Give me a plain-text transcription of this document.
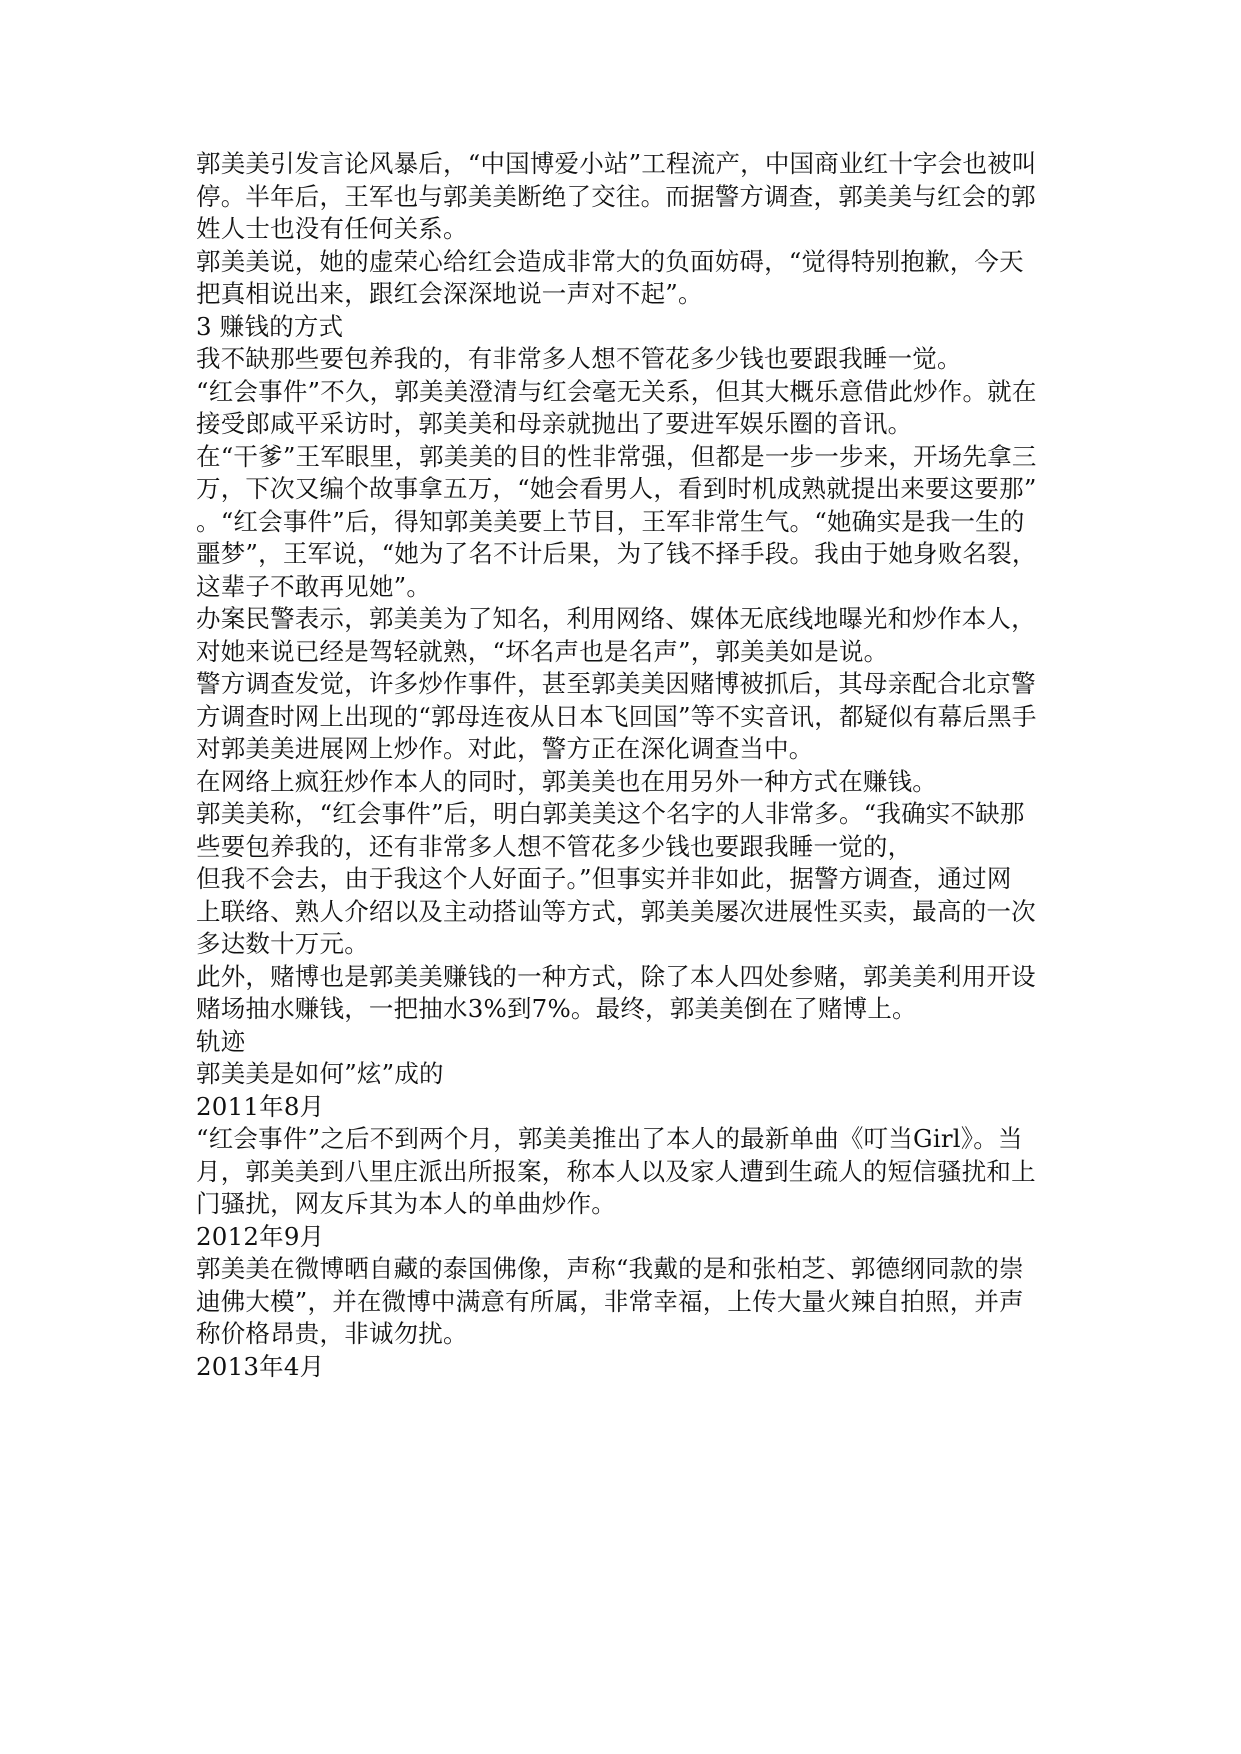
郭美美引发言论风暴后，“中国博爱小站”工程流产，中国商业红十字会也被叫
停。半年后，王军也与郭美美断绝了交往。而据警方调查，郭美美与红会的郭
姓人士也没有任何关系。
郭美美说，她的虚荣心给红会造成非常大的负面妨碍，“觉得特别抱歉，今天
把真相说出来，跟红会深深地说一声对不起”。
3 赚钱的方式
我不缺那些要包养我的，有非常多人想不管花多少钱也要跟我睡一觉。
“红会事件”不久，郭美美澄清与红会毫无关系，但其大概乐意借此炒作。就在
接受郎咸平采访时，郭美美和母亲就抛出了要进军娱乐圈的音讯。
在“干爹”王军眼里，郭美美的目的性非常强，但都是一步一步来，开场先拿三
万，下次又编个故事拿五万，“她会看男人，看到时机成熟就提出来要这要那”
。“红会事件”后，得知郭美美要上节目，王军非常生气。“她确实是我一生的
噩梦”，王军说，“她为了名不计后果，为了钱不择手段。我由于她身败名裂，
这辈子不敢再见她”。
办案民警表示，郭美美为了知名，利用网络、媒体无底线地曝光和炒作本人，
对她来说已经是驾轻就熟，“坏名声也是名声”，郭美美如是说。
警方调查发觉，许多炒作事件，甚至郭美美因赌博被抓后，其母亲配合北京警
方调查时网上出现的“郭母连夜从日本飞回国”等不实音讯，都疑似有幕后黑手
对郭美美进展网上炒作。对此，警方正在深化调查当中。
在网络上疯狂炒作本人的同时，郭美美也在用另外一种方式在赚钱。
郭美美称，“红会事件”后，明白郭美美这个名字的人非常多。“我确实不缺那
些要包养我的，还有非常多人想不管花多少钱也要跟我睡一觉的，
但我不会去，由于我这个人好面子。”但事实并非如此，据警方调查，通过网
上联络、熟人介绍以及主动搭讪等方式，郭美美屡次进展性买卖，最高的一次
多达数十万元。
此外，赌博也是郭美美赚钱的一种方式，除了本人四处参赌，郭美美利用开设
赌场抽水赚钱，一把抽水3%到7%。最终，郭美美倒在了赌博上。
轨迹
郭美美是如何”炫”成的
2011年8月
“红会事件”之后不到两个月，郭美美推出了本人的最新单曲《叮当Girl》。当
月，郭美美到八里庄派出所报案，称本人以及家人遭到生疏人的短信骚扰和上
门骚扰，网友斥其为本人的单曲炒作。
2012年9月
郭美美在微博晒自藏的泰国佛像，声称“我戴的是和张柏芝、郭德纲同款的崇
迪佛大模”，并在微博中满意有所属，非常幸福，上传大量火辣自拍照，并声
称价格昂贵，非诚勿扰。
2013年4月
